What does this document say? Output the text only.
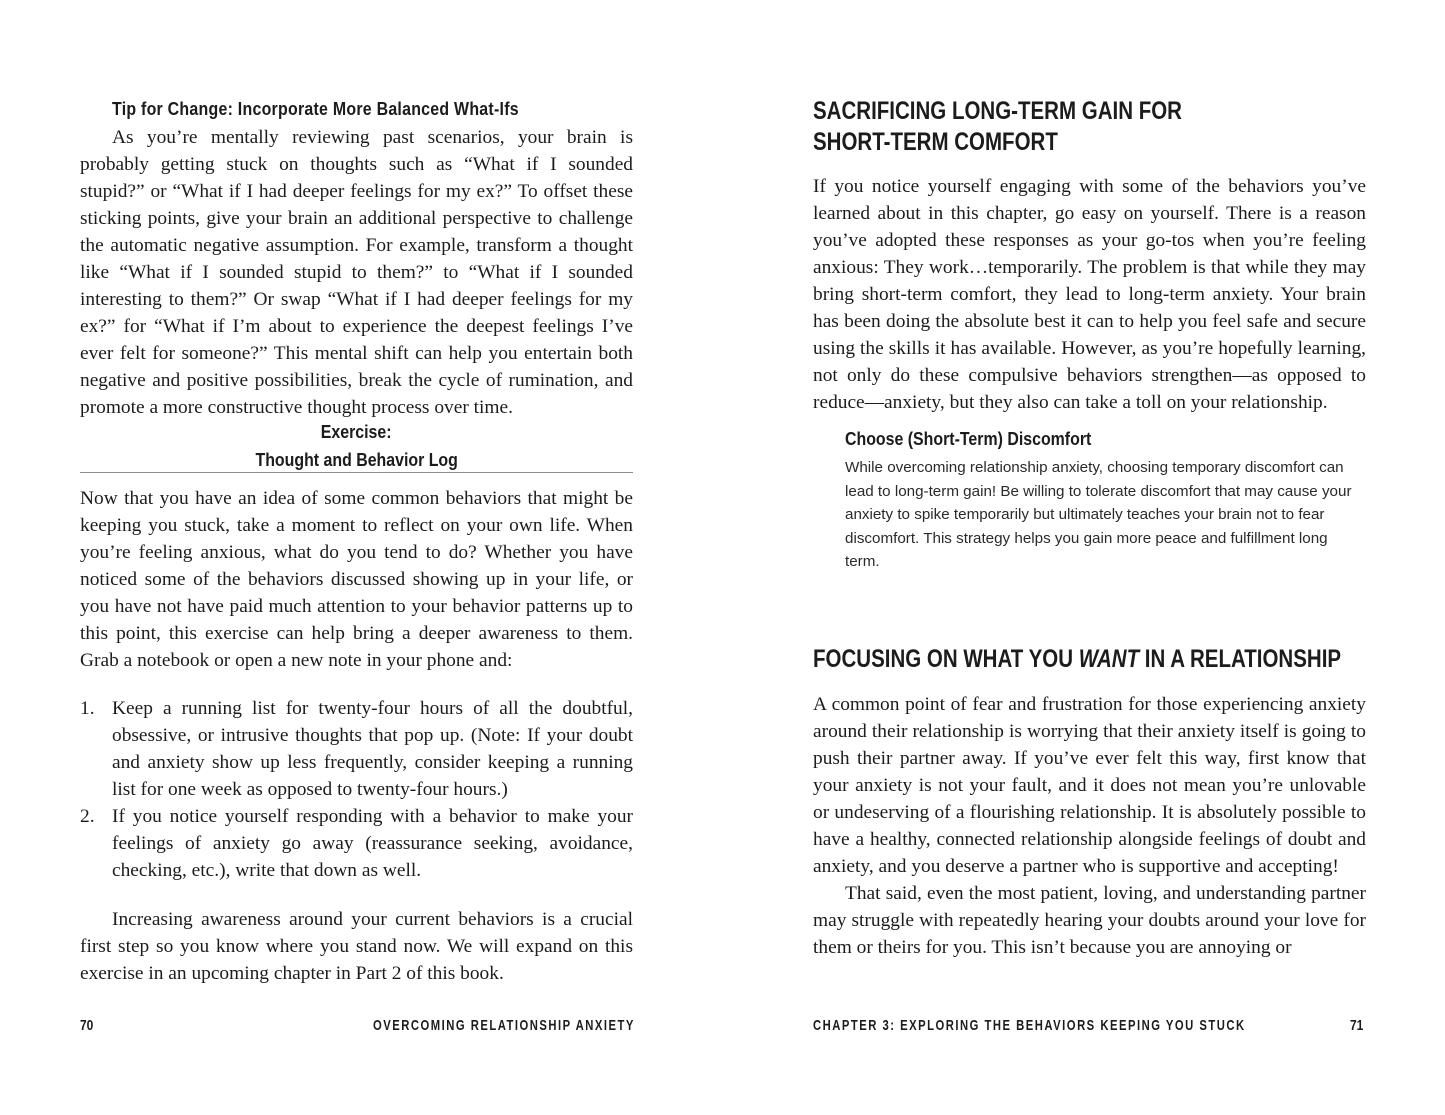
Tip for Change: Incorporate More Balanced What-Ifs

As you’re mentally reviewing past scenarios, your brain is probably getting stuck on thoughts such as “What if I sounded stupid?” or “What if I had deeper feelings for my ex?” To offset these sticking points, give your brain an additional perspective to challenge the automatic negative assumption. For example, transform a thought like “What if I sounded stupid to them?” to “What if I sounded interesting to them?” Or swap “What if I had deeper feelings for my ex?” for “What if I’m about to experience the deepest feelings I’ve ever felt for someone?” This mental shift can help you entertain both negative and positive possibilities, break the cycle of rumination, and promote a more constructive thought process over time.

Exercise:
Thought and Behavior Log

Now that you have an idea of some common behaviors that might be keeping you stuck, take a moment to reflect on your own life. When you’re feeling anxious, what do you tend to do? Whether you have noticed some of the behaviors discussed showing up in your life, or you have not have paid much attention to your behavior patterns up to this point, this exercise can help bring a deeper awareness to them. Grab a notebook or open a new note in your phone and:

1. Keep a running list for twenty-four hours of all the doubtful, obsessive, or intrusive thoughts that pop up. (Note: If your doubt and anxiety show up less frequently, consider keeping a running list for one week as opposed to twenty-four hours.)
2. If you notice yourself responding with a behavior to make your feelings of anxiety go away (reassurance seeking, avoidance, checking, etc.), write that down as well.

Increasing awareness around your current behaviors is a crucial first step so you know where you stand now. We will expand on this exercise in an upcoming chapter in Part 2 of this book.

70	OVERCOMING RELATIONSHIP ANXIETY
SACRIFICING LONG-TERM GAIN FOR
SHORT-TERM COMFORT

If you notice yourself engaging with some of the behaviors you’ve learned about in this chapter, go easy on yourself. There is a reason you’ve adopted these responses as your go-tos when you’re feeling anxious: They work…temporarily. The problem is that while they may bring short-term comfort, they lead to long-term anxiety. Your brain has been doing the absolute best it can to help you feel safe and secure using the skills it has available. However, as you’re hopefully learning, not only do these compulsive behaviors strengthen—as opposed to reduce—anxiety, but they also can take a toll on your relationship.

Choose (Short-Term) Discomfort

While overcoming relationship anxiety, choosing temporary discomfort can lead to long-term gain! Be willing to tolerate discomfort that may cause your anxiety to spike temporarily but ultimately teaches your brain not to fear discomfort. This strategy helps you gain more peace and fulfillment long term.

FOCUSING ON WHAT YOU WANT IN A RELATIONSHIP

A common point of fear and frustration for those experiencing anxiety around their relationship is worrying that their anxiety itself is going to push their partner away. If you’ve ever felt this way, first know that your anxiety is not your fault, and it does not mean you’re unlovable or undeserving of a flourishing relationship. It is absolutely possible to have a healthy, connected relationship alongside feelings of doubt and anxiety, and you deserve a partner who is supportive and accepting!

That said, even the most patient, loving, and understanding partner may struggle with repeatedly hearing your doubts around your love for them or theirs for you. This isn’t because you are annoying or

CHAPTER 3: EXPLORING THE BEHAVIORS KEEPING YOU STUCK	71
